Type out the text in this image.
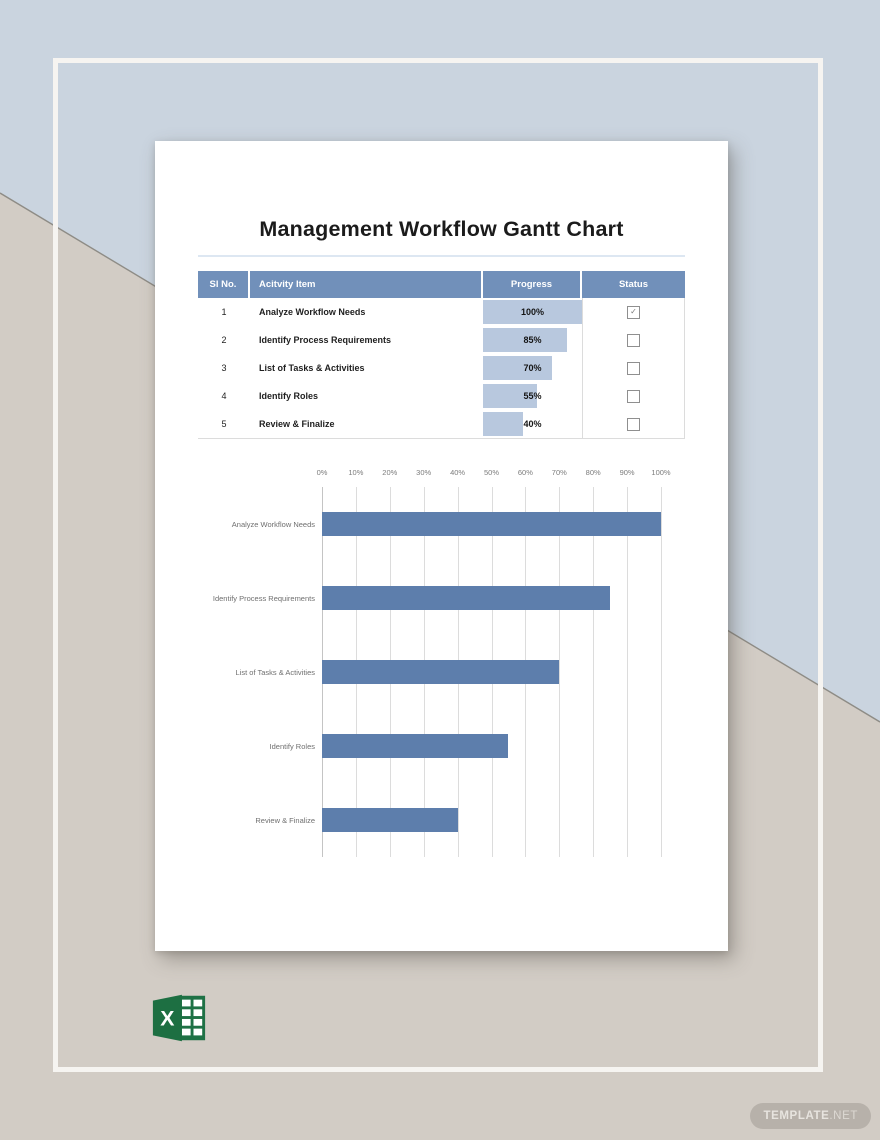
Management Workflow Gantt Chart
Sl No.	Acitvity Item	Progress	Status
1	Analyze Workflow Needs	100%	✓
2	Identify Process Requirements	85%
3	List of Tasks & Activities	70%
4	Identify Roles	55%
5	Review & Finalize	40%
0%	10%	20%	30%	40%	50%	60%	70%	80%	90% 100%
Analyze Workflow Needs
Identify Process Requirements
List of Tasks & Activities
Identify Roles
Review & Finalize
X
TEMPLATE .NET
